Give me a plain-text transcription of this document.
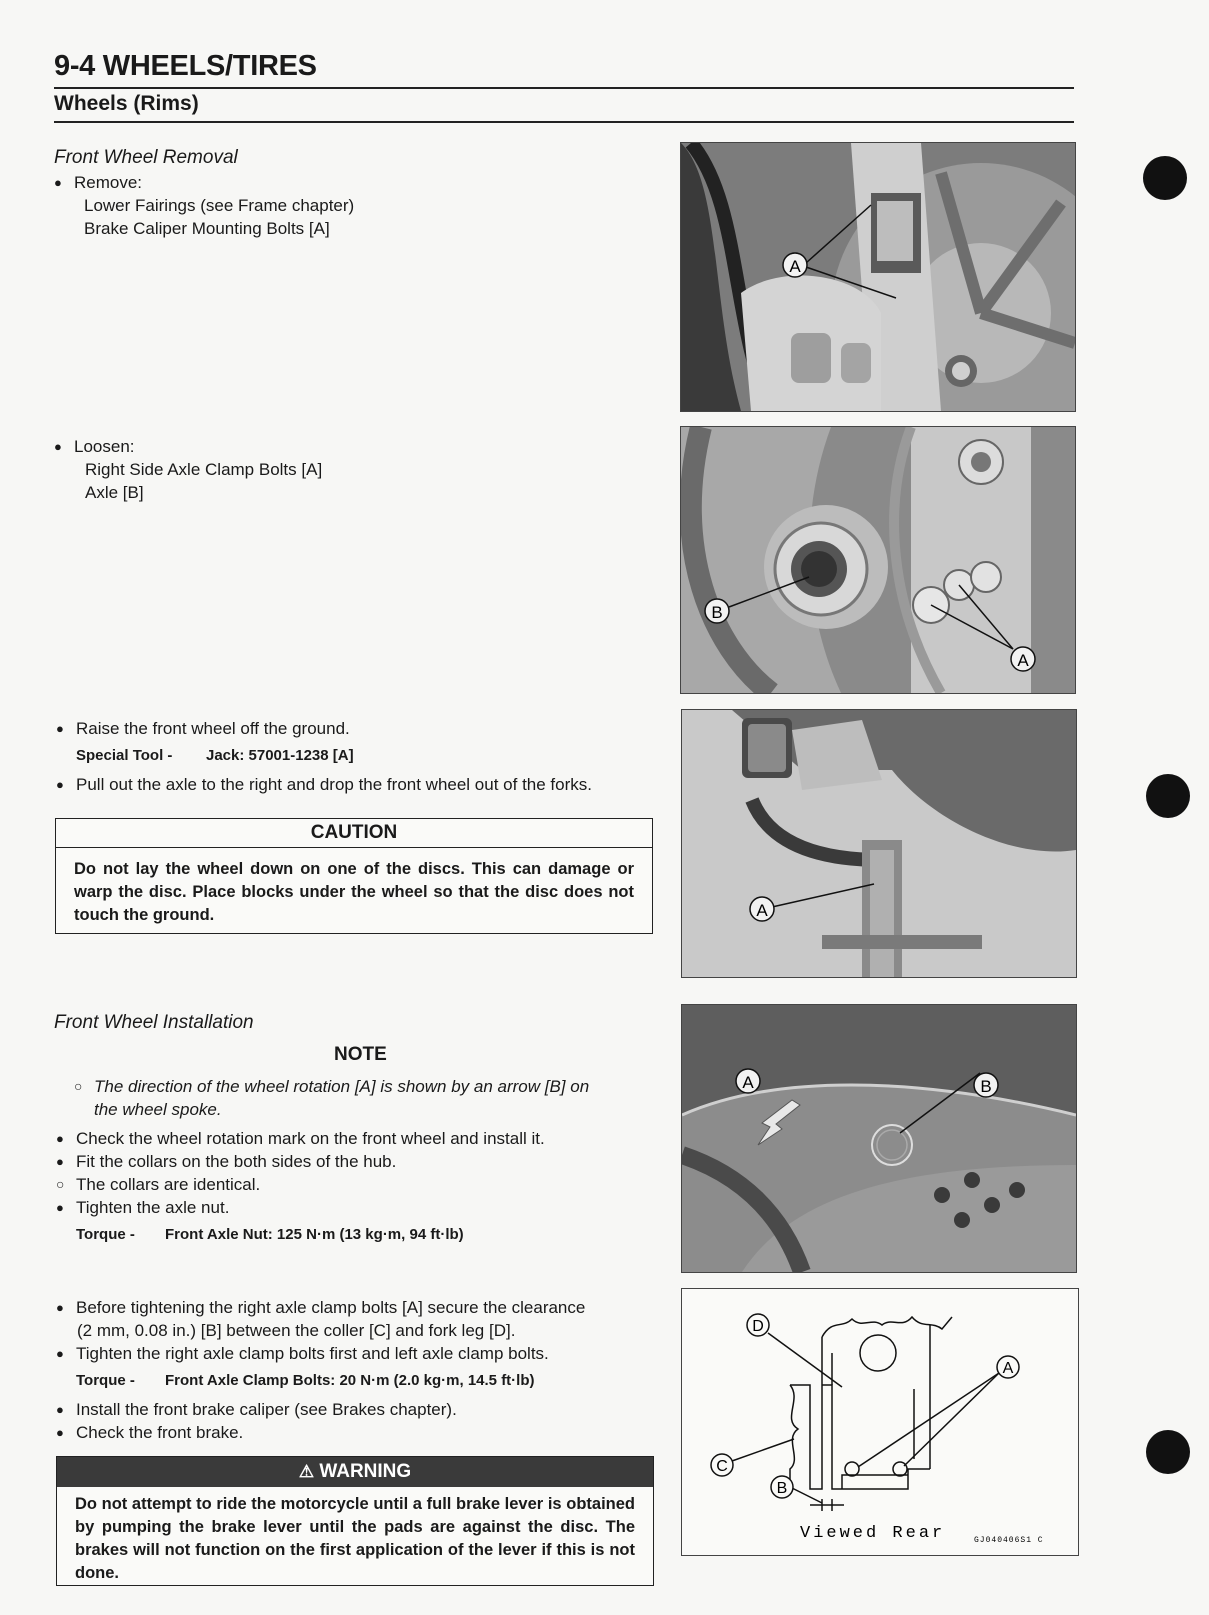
9-4 WHEELS/TIRES
Wheels (Rims)
Front Wheel Removal
● Remove:
Lower Fairings (see Frame chapter)
Brake Caliper Mounting Bolts [A]
● Loosen:
Right Side Axle Clamp Bolts [A]
Axle [B]
● Raise the front wheel off the ground.
Special Tool - Jack: 57001-1238 [A]
● Pull out the axle to the right and drop the front wheel out of the forks.
CAUTION
Do not lay the wheel down on one of the discs. This can damage or warp the disc. Place blocks under the wheel so that the disc does not touch the ground.
Front Wheel Installation
NOTE
○ The direction of the wheel rotation [A] is shown by an arrow [B] on
the wheel spoke.
● Check the wheel rotation mark on the front wheel and install it.
● Fit the collars on the both sides of the hub.
○ The collars are identical.
● Tighten the axle nut.
Torque - Front Axle Nut: 125 N·m (13 kg·m, 94 ft·lb)
● Before tightening the right axle clamp bolts [A] secure the clearance
(2 mm, 0.08 in.) [B] between the coller [C] and fork leg [D].
● Tighten the right axle clamp bolts first and left axle clamp bolts.
Torque - Front Axle Clamp Bolts: 20 N·m (2.0 kg·m, 14.5 ft·lb)
● Install the front brake caliper (see Brakes chapter).
● Check the front brake.
⚠ WARNING
Do not attempt to ride the motorcycle until a full brake lever is obtained by pumping the brake lever until the pads are against the disc. The brakes will not function on the first application of the lever if this is not done.
A
B
A
A
A	B
D
A
C
B
Viewed Rear	GJ040406S1 C
